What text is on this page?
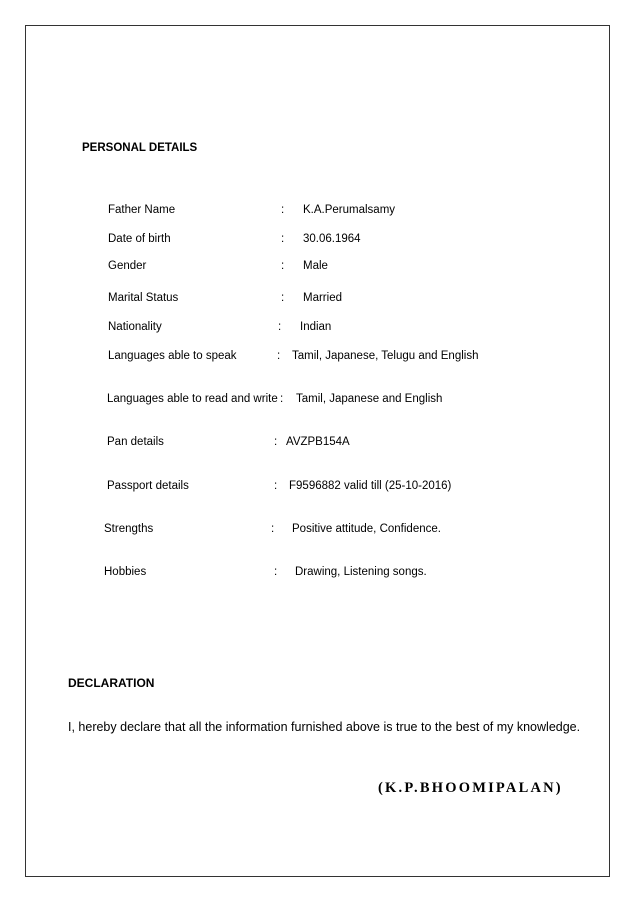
PERSONAL DETAILS
Father Name	: K.A.Perumalsamy
Date of birth	: 30.06.1964
Gender	: Male
Marital Status	: Married
Nationality	: Indian
Languages able to speak	: Tamil, Japanese, Telugu and English
Languages able to read and write : Tamil, Japanese and English
Pan details	: AVZPB154A
Passport details	: F9596882 valid till (25-10-2016)
Strengths	: Positive attitude, Confidence.
Hobbies	: Drawing, Listening songs.
DECLARATION
I, hereby declare that all the information furnished above is true to the best of my knowledge.
(K.P.BHOOMIPALAN)
